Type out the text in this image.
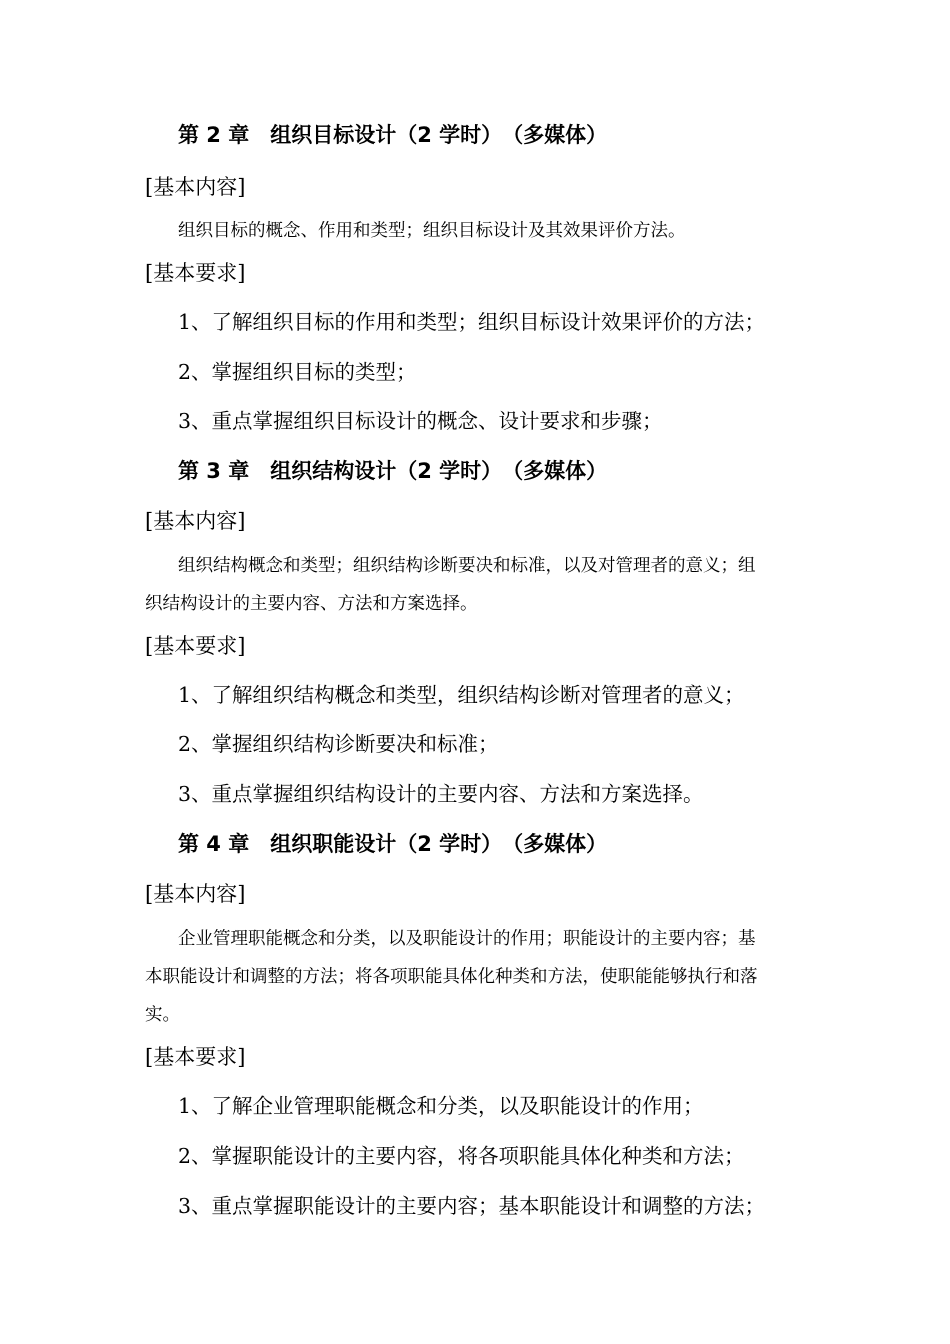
第 2 章　组织目标设计（2 学时）　（多媒体）
[基本内容]
组织目标的概念、作用和类型；组织目标设计及其效果评价方法。
[基本要求]
1、了解组织目标的作用和类型；组织目标设计效果评价的方法；
2、掌握组织目标的类型；
3、重点掌握组织目标设计的概念、设计要求和步骤；
第 3 章　组织结构设计（2 学时）　（多媒体）
[基本内容]
组织结构概念和类型；组织结构诊断要决和标准，以及对管理者的意义；组
织结构设计的主要内容、方法和方案选择。
[基本要求]
1、了解组织结构概念和类型，组织结构诊断对管理者的意义；
2、掌握组织结构诊断要决和标准；
3、重点掌握组织结构设计的主要内容、方法和方案选择。
第 4 章　组织职能设计（2 学时）　（多媒体）
[基本内容]
企业管理职能概念和分类，以及职能设计的作用；职能设计的主要内容；基
本职能设计和调整的方法；将各项职能具体化种类和方法，使职能能够执行和落
实。
[基本要求]
1、了解企业管理职能概念和分类，以及职能设计的作用；
2、掌握职能设计的主要内容，将各项职能具体化种类和方法；
3、重点掌握职能设计的主要内容；基本职能设计和调整的方法；
